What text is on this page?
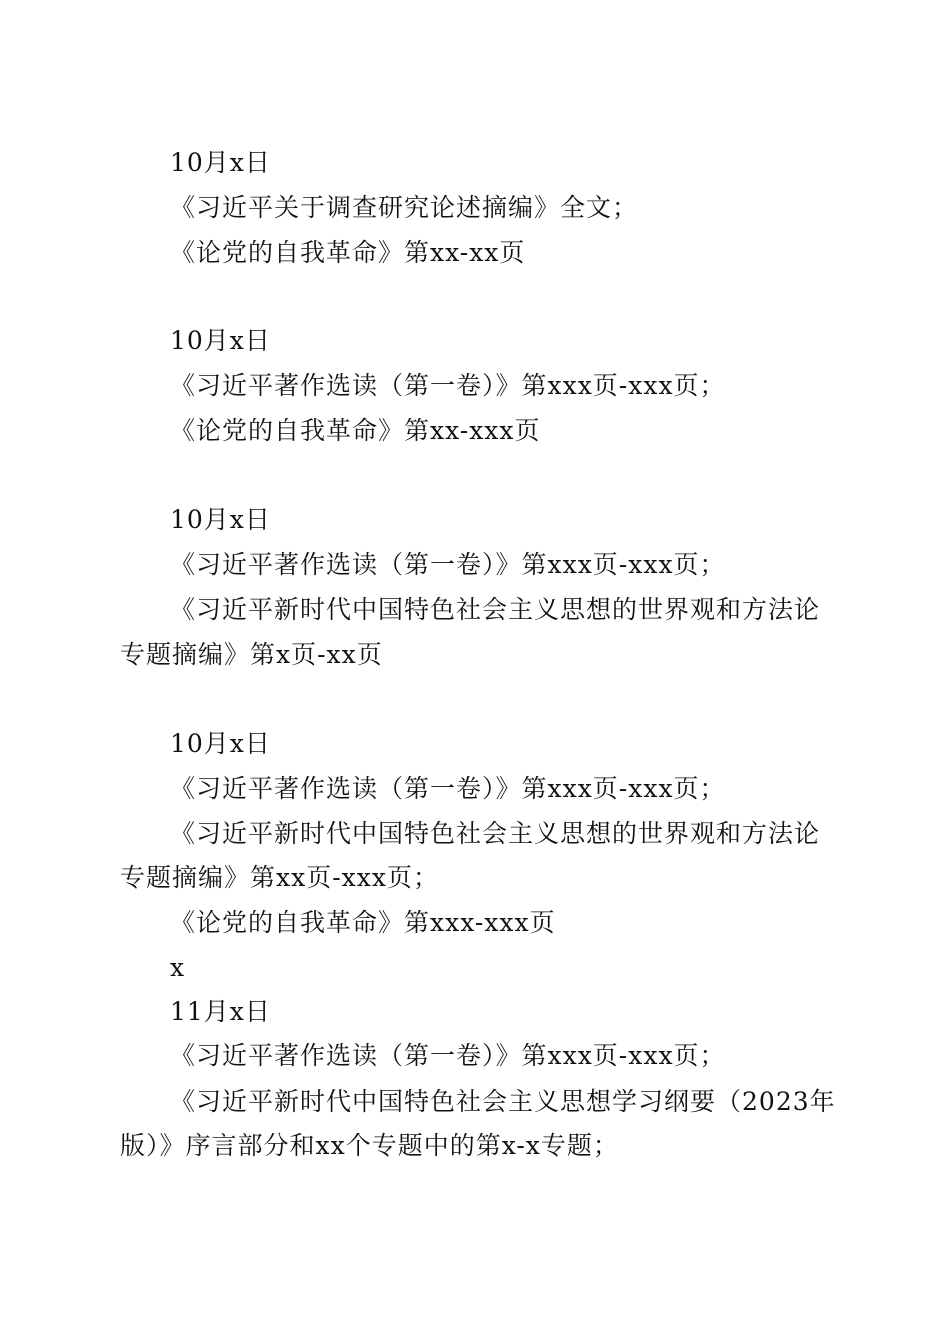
10月x日
《习近平关于调查研究论述摘编》全文；
《论党的自我革命》第xx-xx页
10月x日
《习近平著作选读（第一卷）》第xxx页-xxx页；
《论党的自我革命》第xx-xxx页
10月x日
《习近平著作选读（第一卷）》第xxx页-xxx页；
《习近平新时代中国特色社会主义思想的世界观和方法论
专题摘编》第x页-xx页
10月x日
《习近平著作选读（第一卷）》第xxx页-xxx页；
《习近平新时代中国特色社会主义思想的世界观和方法论
专题摘编》第xx页-xxx页；
《论党的自我革命》第xxx-xxx页
x
11月x日
《习近平著作选读（第一卷）》第xxx页-xxx页；
《习近平新时代中国特色社会主义思想学习纲要（2023年
版）》序言部分和xx个专题中的第x-x专题；
